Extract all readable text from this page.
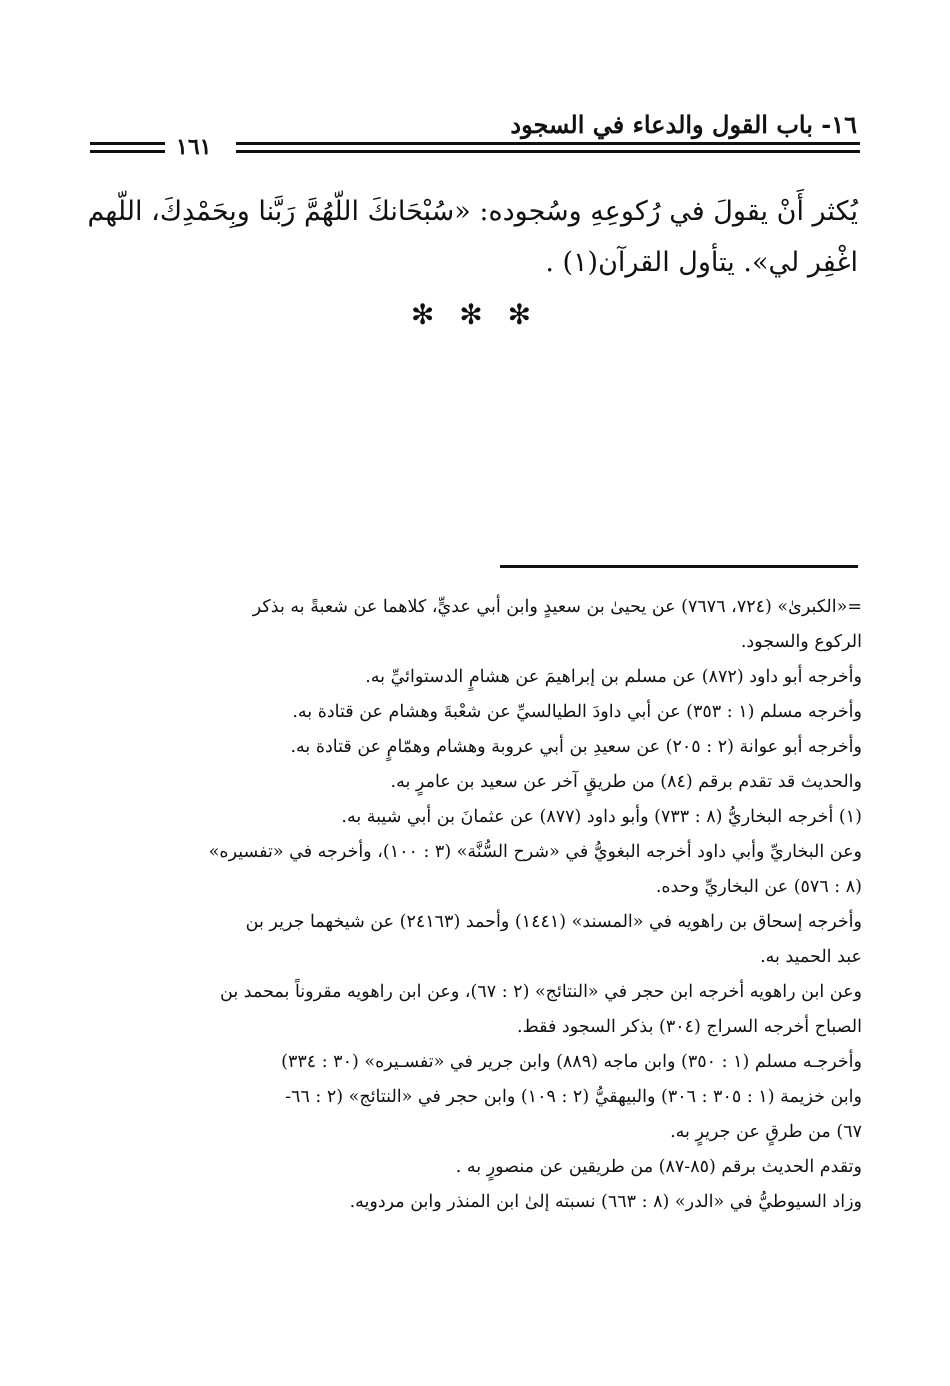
١٦- باب القول والدعاء في السجود
١٦١
يُكثر أَنْ يقولَ في رُكوعِهِ وسُجوده: «سُبْحَانكَ اللّهُمَّ رَبَّنا وبِحَمْدِكَ، اللّهم
اغْفِر لي». يتأول القرآن(١) .
✻ ✻ ✻
=«الكبرىٰ» (٧٢٤، ٧٦٧٦) عن يحيىٰ بن سعيدٍ وابن أبي عديٍّ، كلاهما عن شعبةً به بذكر
الركوع والسجود.
وأخرجه أبو داود (٨٧٢) عن مسلم بن إبراهيمَ عن هشامٍ الدستوائيِّ به.
وأخرجه مسلم (١ : ٣٥٣) عن أبي داودَ الطيالسيِّ عن شعْبةَ وهشام عن قتادة به.
وأخرجه أبو عوانة (٢ : ٢٠٥) عن سعيدِ بن أبي عروبة وهشام وهمّامٍ عن قتادة به.
والحديث قد تقدم برقم (٨٤) من طريقٍ آخر عن سعيد بن عامرٍ به.
(١) أخرجه البخاريُّ (٨ : ٧٣٣) وأبو داود (٨٧٧) عن عثمانَ بن أبي شيبة به.
وعن البخاريِّ وأبي داود أخرجه البغويُّ في «شرح السُّنَّة» (٣ : ١٠٠)، وأخرجه في «تفسيره»
(٨ : ٥٧٦) عن البخاريِّ وحده.
وأخرجه إسحاق بن راهويه في «المسند» (١٤٤١) وأحمد (٢٤١٦٣) عن شيخهما جرير بن
عبد الحميد به.
وعن ابن راهويه أخرجه ابن حجر في «النتائج» (٢ : ٦٧)، وعن ابن راهويه مقروناً بمحمد بن
الصباح أخرجه السراج (٣٠٤) بذكر السجود فقط.
وأخرجـه مسلم (١ : ٣٥٠) وابن ماجه (٨٨٩) وابن جرير في «تفسـيره» (٣٠ : ٣٣٤)
وابن خزيمة (١ : ٣٠٥ : ٣٠٦) والبيهقيُّ (٢ : ١٠٩) وابن حجر في «النتائج» (٢ : ٦٦-
٦٧) من طرقٍ عن جريرٍ به.
وتقدم الحديث برقم (٨٥-٨٧) من طريقين عن منصورٍ به .
وزاد السيوطيُّ في «الدر» (٨ : ٦٦٣) نسبته إلىٰ ابن المنذر وابن مردويه.
